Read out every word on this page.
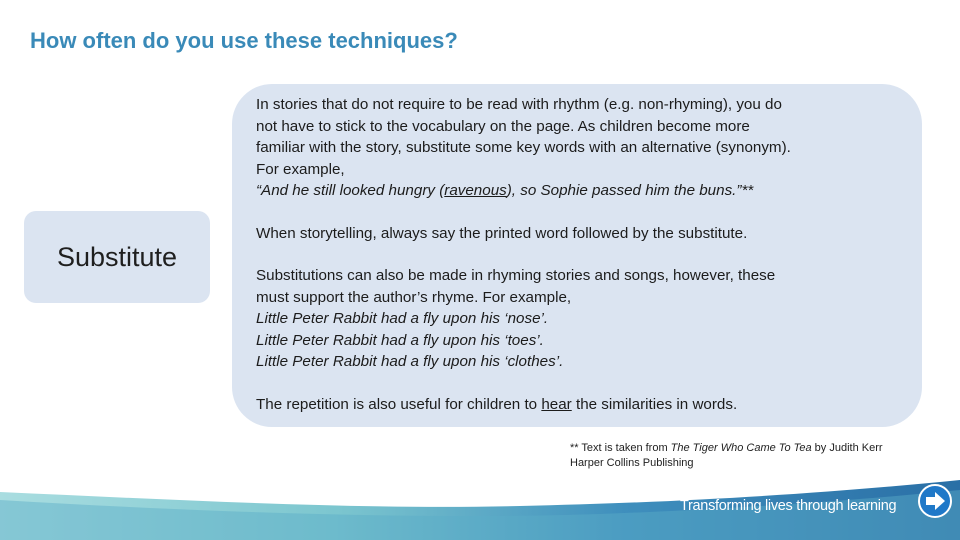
How often do you use these techniques?
Substitute

In stories that do not require to be read with rhythm (e.g. non-rhyming), you do

not have to stick to the vocabulary on the page. As children become more

familiar with the story, substitute some key words with an alternative (synonym).

For example,

“And he still looked hungry (ravenous), so Sophie passed him the buns.”**

When storytelling, always say the printed word followed by the substitute.

Substitutions can also be made in rhyming stories and songs, however, these

must support the author’s rhyme. For example,

Little Peter Rabbit had a fly upon his ‘nose’.

Little Peter Rabbit had a fly upon his ‘toes’.

Little Peter Rabbit had a fly upon his ‘clothes’.

The repetition is also useful for children to hear the similarities in words.

** Text is taken from The Tiger Who Came To Tea by Judith Kerr
Harper Collins Publishing
Transforming lives through learning
